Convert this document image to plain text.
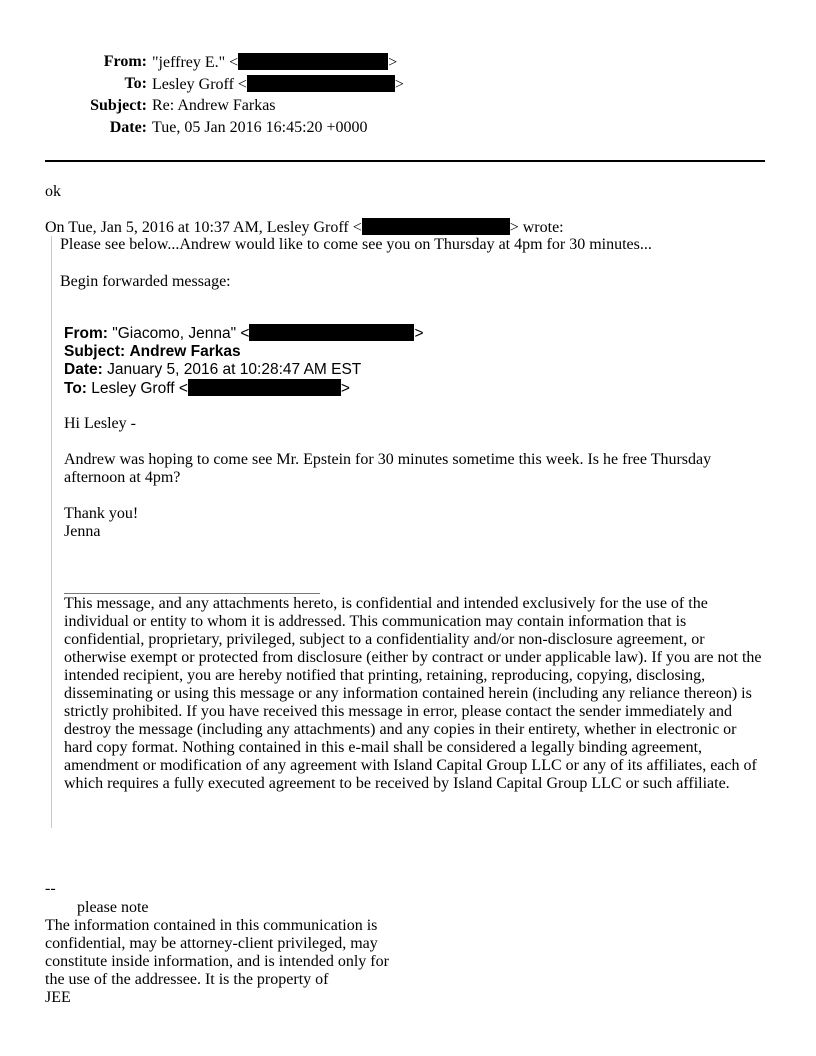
From: "jeffrey E." <	>
To: Lesley Groff <	>
Subject: Re: Andrew Farkas
Date: Tue, 05 Jan 2016 16:45:20 +0000
ok
On Tue, Jan 5, 2016 at 10:37 AM, Lesley Groff <	> wrote:
Please see below...Andrew would like to come see you on Thursday at 4pm for 30 minutes...
Begin forwarded message:
From: "Giacomo, Jenna" <	>
Subject: Andrew Farkas
Date: January 5, 2016 at 10:28:47 AM EST
To: Lesley Groff <	>
Hi Lesley -
Andrew was hoping to come see Mr. Epstein for 30 minutes sometime this week. Is he free Thursday
afternoon at 4pm?
Thank you!
Jenna
This message, and any attachments hereto, is confidential and intended exclusively for the use of the
individual or entity to whom it is addressed. This communication may contain information that is
confidential, proprietary, privileged, subject to a confidentiality and/or non-disclosure agreement, or
otherwise exempt or protected from disclosure (either by contract or under applicable law). If you are not the
intended recipient, you are hereby notified that printing, retaining, reproducing, copying, disclosing,
disseminating or using this message or any information contained herein (including any reliance thereon) is
strictly prohibited. If you have received this message in error, please contact the sender immediately and
destroy the message (including any attachments) and any copies in their entirety, whether in electronic or
hard copy format. Nothing contained in this e-mail shall be considered a legally binding agreement,
amendment or modification of any agreement with Island Capital Group LLC or any of its affiliates, each of
which requires a fully executed agreement to be received by Island Capital Group LLC or such affiliate.
--
please note
The information contained in this communication is
confidential, may be attorney-client privileged, may
constitute inside information, and is intended only for
the use of the addressee. It is the property of
JEE
